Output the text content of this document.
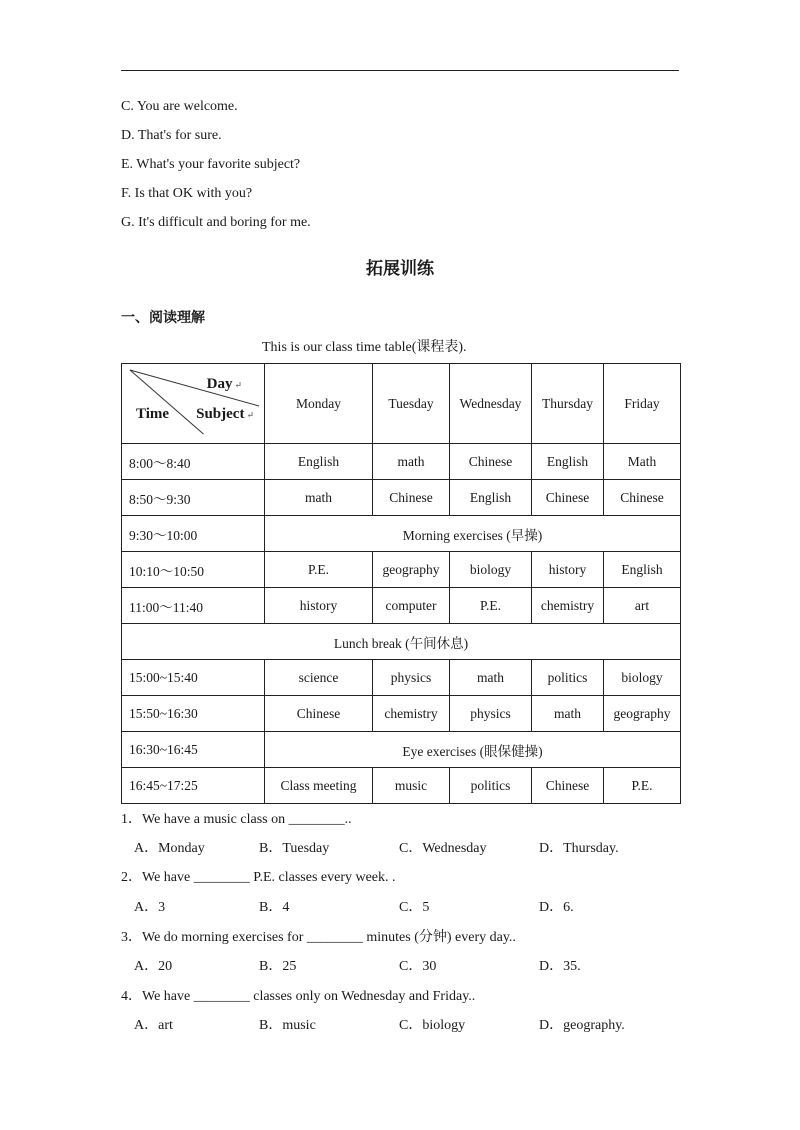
C. You are welcome.
D. That's for sure.
E. What's your favorite subject?
F. Is that OK with you?
G. It's difficult and boring for me.
拓展训练
一、阅读理解
This is our class time table(课程表).
Day ↵
Subject ↵
Time	Monday	Tuesday	Wednesday	Thursday	Friday
8:00～8:40	English	math	Chinese	English	Math
8:50～9:30	math	Chinese	English	Chinese	Chinese
9:30～10:00	Morning exercises (早操)				
10:10～10:50	P.E.	geography	biology	history	English
11:00～11:40	history	computer	P.E.	chemistry	art
Lunch break (午间休息)					
15:00~15:40	science	physics	math	politics	biology
15:50~16:30	Chinese	chemistry	physics	math	geography
16:30~16:45	Eye exercises (眼保健操)				
16:45~17:25	Class meeting	music	politics	Chinese	P.E.
1．We have a music class on ________..
A．Monday	B．Tuesday	C．Wednesday	D．Thursday.
2．We have ________ P.E. classes every week. .
A．3	B．4	C．5	D．6.
3．We do morning exercises for ________ minutes (分钟) every day..
A．20	B．25	C．30	D．35.
4．We have ________ classes only on Wednesday and Friday..
A．art	B．music	C．biology	D．geography.
